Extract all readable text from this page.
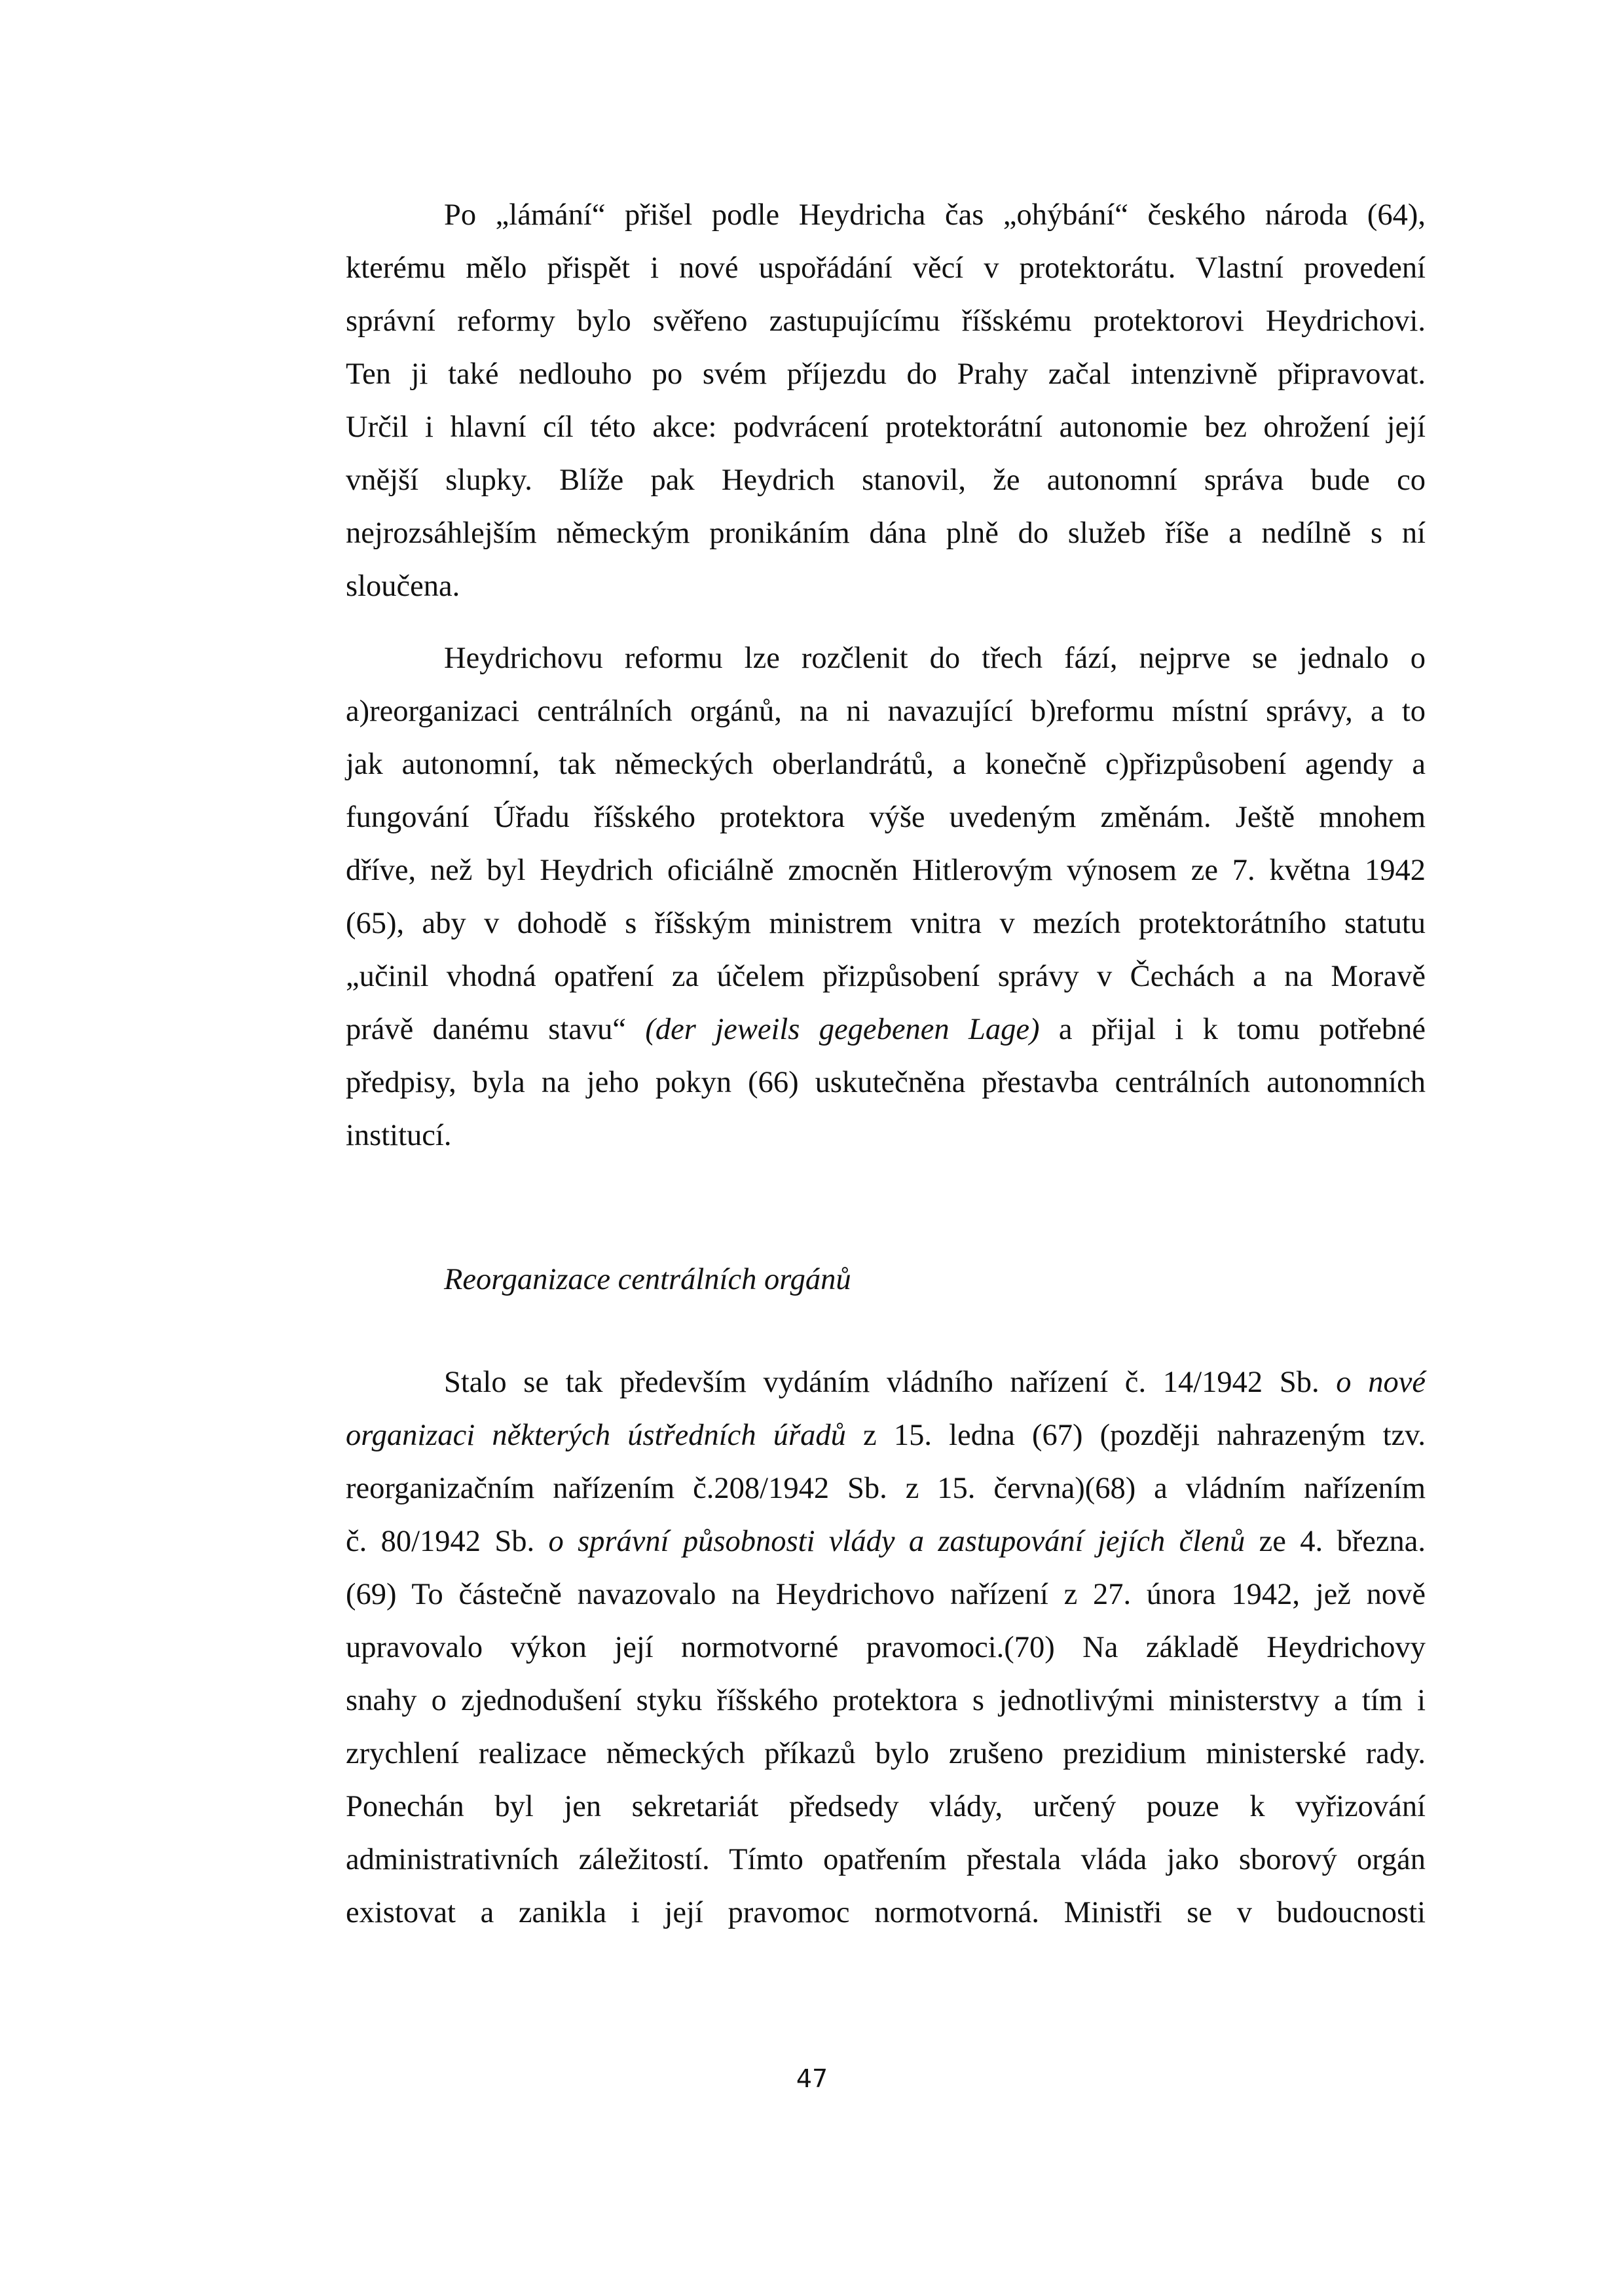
Po „lámání“ přišel podle Heydricha čas „ohýbání“ českého národa (64),
kterému mělo přispět i nové uspořádání věcí v protektorátu. Vlastní provedení
správní reformy bylo svěřeno zastupujícímu říšskému protektorovi Heydrichovi.
Ten ji také nedlouho po svém příjezdu do Prahy začal intenzivně připravovat.
Určil i hlavní cíl této akce: podvrácení protektorátní autonomie bez ohrožení její
vnější slupky. Blíže pak Heydrich stanovil, že autonomní správa bude co
nejrozsáhlejším německým pronikáním dána plně do služeb říše a nedílně s ní
sloučena.
Heydrichovu reformu lze rozčlenit do třech fází, nejprve se jednalo o
a)reorganizaci centrálních orgánů, na ni navazující b)reformu místní správy, a to
jak autonomní, tak německých oberlandrátů, a konečně c)přizpůsobení agendy a
fungování Úřadu říšského protektora výše uvedeným změnám. Ještě mnohem
dříve, než byl Heydrich oficiálně zmocněn Hitlerovým výnosem ze 7. května 1942
(65), aby v dohodě s říšským ministrem vnitra v mezích protektorátního statutu
„učinil vhodná opatření za účelem přizpůsobení správy v Čechách a na Moravě
právě danému stavu“ (der jeweils gegebenen Lage) a přijal i k tomu potřebné
předpisy, byla na jeho pokyn (66) uskutečněna přestavba centrálních autonomních
institucí.
Reorganizace centrálních orgánů
Stalo se tak především vydáním vládního nařízení č. 14/1942 Sb. o nové
organizaci některých ústředních úřadů z 15. ledna (67) (později nahrazeným tzv.
reorganizačním nařízením č.208/1942 Sb. z 15. června)(68) a vládním nařízením
č. 80/1942 Sb. o správní působnosti vlády a zastupování jejích členů ze 4. března.
(69) To částečně navazovalo na Heydrichovo nařízení z 27. února 1942, jež nově
upravovalo výkon její normotvorné pravomoci.(70) Na základě Heydrichovy
snahy o zjednodušení styku říšského protektora s jednotlivými ministerstvy a tím i
zrychlení realizace německých příkazů bylo zrušeno prezidium ministerské rady.
Ponechán byl jen sekretariát předsedy vlády, určený pouze k vyřizování
administrativních záležitostí. Tímto opatřením přestala vláda jako sborový orgán
existovat a zanikla i její pravomoc normotvorná. Ministři se v budoucnosti
47
